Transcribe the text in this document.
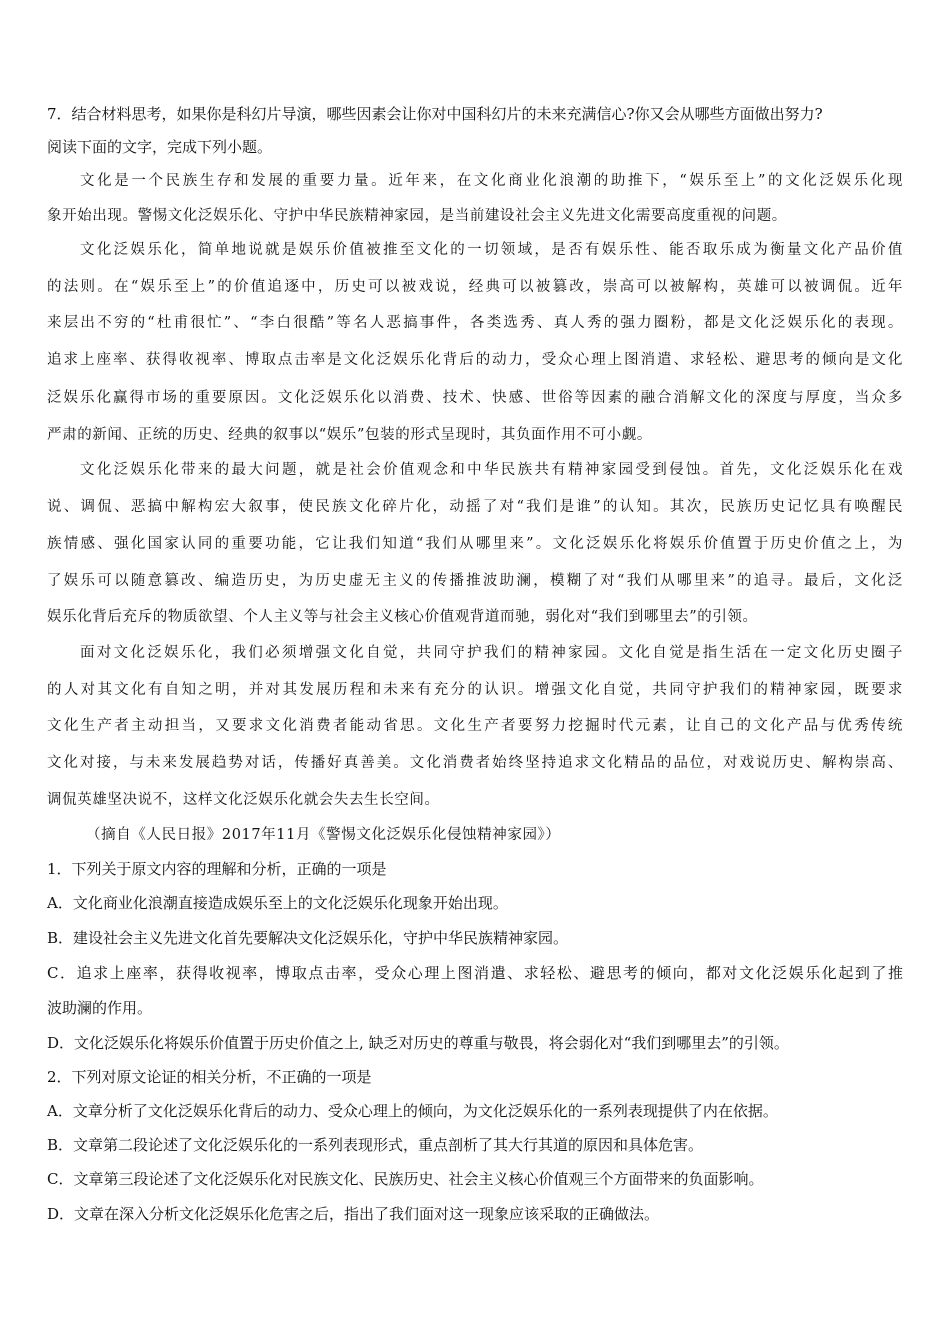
7．结合材料思考，如果你是科幻片导演，哪些因素会让你对中国科幻片的未来充满信心?你又会从哪些方面做出努力?
阅读下面的文字，完成下列小题。
文化是一个民族生存和发展的重要力量。近年来，在文化商业化浪潮的助推下，“娱乐至上”的文化泛娱乐化现
象开始出现。警惕文化泛娱乐化、守护中华民族精神家园，是当前建设社会主义先进文化需要高度重视的问题。
文化泛娱乐化，简单地说就是娱乐价值被推至文化的一切领域，是否有娱乐性、能否取乐成为衡量文化产品价值
的法则。在“娱乐至上”的价值追逐中，历史可以被戏说，经典可以被篡改，崇高可以被解构，英雄可以被调侃。近年
来层出不穷的“杜甫很忙”、“李白很酷”等名人恶搞事件，各类选秀、真人秀的强力圈粉，都是文化泛娱乐化的表现。
追求上座率、获得收视率、博取点击率是文化泛娱乐化背后的动力，受众心理上图消遣、求轻松、避思考的倾向是文化
泛娱乐化赢得市场的重要原因。文化泛娱乐化以消费、技术、快感、世俗等因素的融合消解文化的深度与厚度，当众多
严肃的新闻、正统的历史、经典的叙事以“娱乐”包装的形式呈现时，其负面作用不可小觑。
文化泛娱乐化带来的最大问题，就是社会价值观念和中华民族共有精神家园受到侵蚀。首先，文化泛娱乐化在戏
说、调侃、恶搞中解构宏大叙事，使民族文化碎片化，动摇了对“我们是谁”的认知。其次，民族历史记忆具有唤醒民
族情感、强化国家认同的重要功能，它让我们知道“我们从哪里来”。文化泛娱乐化将娱乐价值置于历史价值之上，为
了娱乐可以随意篡改、编造历史，为历史虚无主义的传播推波助澜，模糊了对“我们从哪里来”的追寻。最后，文化泛
娱乐化背后充斥的物质欲望、个人主义等与社会主义核心价值观背道而驰，弱化对“我们到哪里去”的引领。
面对文化泛娱乐化，我们必须增强文化自觉，共同守护我们的精神家园。文化自觉是指生活在一定文化历史圈子
的人对其文化有自知之明，并对其发展历程和未来有充分的认识。增强文化自觉，共同守护我们的精神家园，既要求
文化生产者主动担当，又要求文化消费者能动省思。文化生产者要努力挖掘时代元素，让自己的文化产品与优秀传统
文化对接，与未来发展趋势对话，传播好真善美。文化消费者始终坚持追求文化精品的品位，对戏说历史、解构崇高、
调侃英雄坚决说不，这样文化泛娱乐化就会失去生长空间。
（摘自《人民日报》2017年11月《警惕文化泛娱乐化侵蚀精神家园》）
1．下列关于原文内容的理解和分析，正确的一项是
A．文化商业化浪潮直接造成娱乐至上的文化泛娱乐化现象开始出现。
B．建设社会主义先进文化首先要解决文化泛娱乐化，守护中华民族精神家园。
C．追求上座率，获得收视率，博取点击率，受众心理上图消遣、求轻松、避思考的倾向，都对文化泛娱乐化起到了推
波助澜的作用。
D．文化泛娱乐化将娱乐价值置于历史价值之上, 缺乏对历史的尊重与敬畏，将会弱化对“我们到哪里去”的引领。
2．下列对原文论证的相关分析，不正确的一项是
A．文章分析了文化泛娱乐化背后的动力、受众心理上的倾向，为文化泛娱乐化的一系列表现提供了内在依据。
B．文章第二段论述了文化泛娱乐化的一系列表现形式，重点剖析了其大行其道的原因和具体危害。
C．文章第三段论述了文化泛娱乐化对民族文化、民族历史、社会主义核心价值观三个方面带来的负面影响。
D．文章在深入分析文化泛娱乐化危害之后，指出了我们面对这一现象应该采取的正确做法。
